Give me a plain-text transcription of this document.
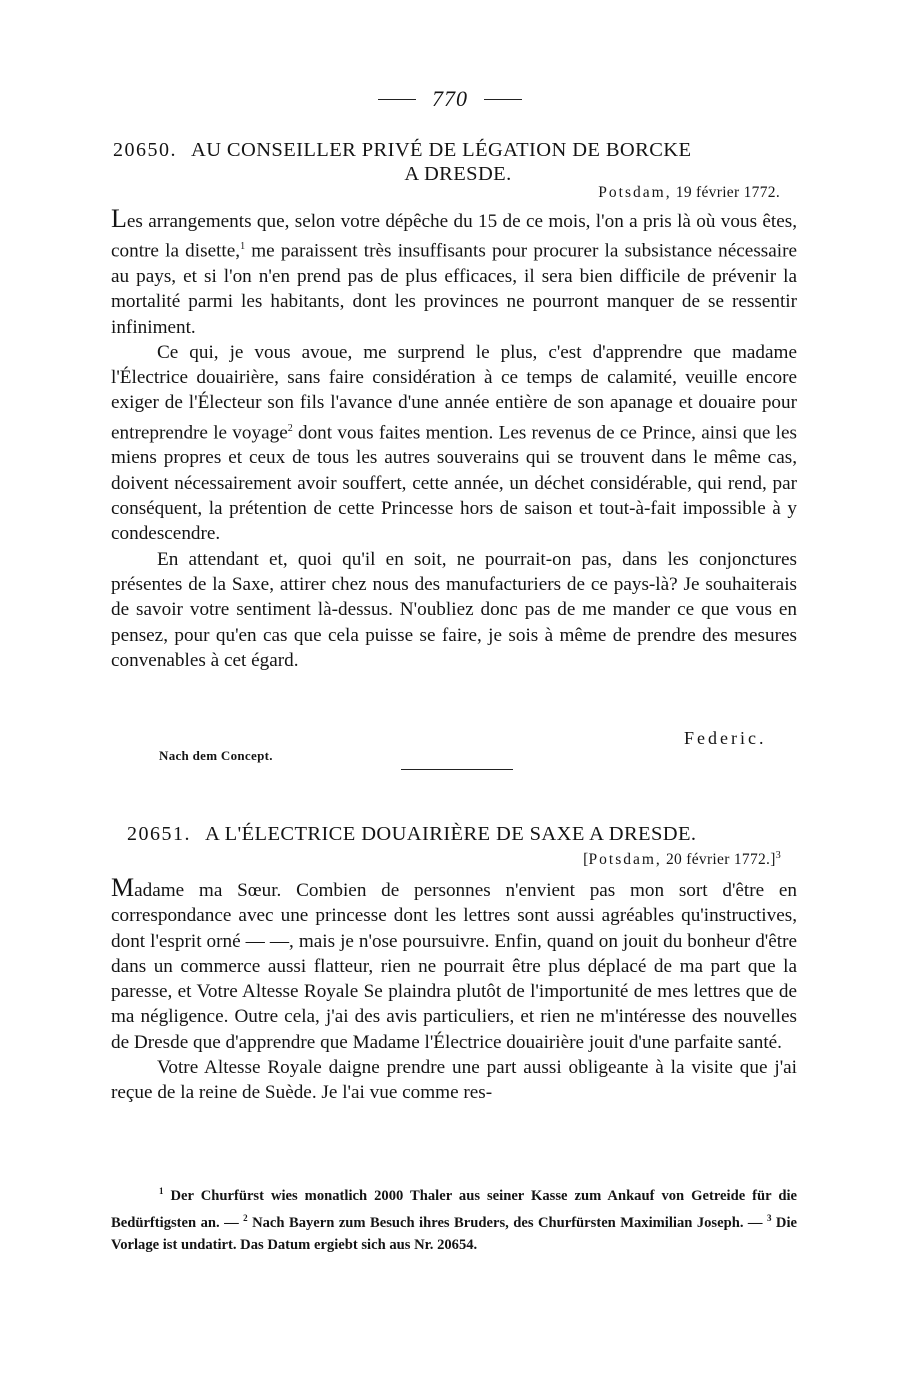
770
20650. AU CONSEILLER PRIVÉ DE LÉGATION DE BORCKE
A DRESDE.
Potsdam, 19 février 1772.

Les arrangements que, selon votre dépêche du 15 de ce mois, l'on a pris là où vous êtes, contre la disette,$^1$ me paraissent très insuffisants pour procurer la subsistance nécessaire au pays, et si l'on n'en prend pas de plus efficaces, il sera bien difficile de prévenir la mortalité parmi les habitants, dont les provinces ne pourront manquer de se ressentir infiniment.

Ce qui, je vous avoue, me surprend le plus, c'est d'apprendre que madame l'Électrice douairière, sans faire considération à ce temps de calamité, veuille encore exiger de l'Électeur son fils l'avance d'une année entière de son apanage et douaire pour entreprendre le voyage$^2$ dont vous faites mention. Les revenus de ce Prince, ainsi que les miens propres et ceux de tous les autres souverains qui se trouvent dans le même cas, doivent nécessairement avoir souffert, cette année, un déchet considérable, qui rend, par conséquent, la prétention de cette Princesse hors de saison et tout-à-fait impossible à y condescendre.

En attendant et, quoi qu'il en soit, ne pourrait-on pas, dans les conjonctures présentes de la Saxe, attirer chez nous des manufacturiers de ce pays-là? Je souhaiterais de savoir votre sentiment là-dessus. N'oubliez donc pas de me mander ce que vous en pensez, pour qu'en cas que cela puisse se faire, je sois à même de prendre des mesures convenables à cet égard.

Federic.
Nach dem Concept.
20651. A L'ÉLECTRICE DOUAIRIÈRE DE SAXE A DRESDE.
[Potsdam, 20 février 1772.]$^3$

Madame ma Sœur. Combien de personnes n'envient pas mon sort d'être en correspondance avec une princesse dont les lettres sont aussi agréables qu'instructives, dont l'esprit orné — —, mais je n'ose poursuivre. Enfin, quand on jouit du bonheur d'être dans un commerce aussi flatteur, rien ne pourrait être plus déplacé de ma part que la paresse, et Votre Altesse Royale Se plaindra plutôt de l'importunité de mes lettres que de ma négligence. Outre cela, j'ai des avis particuliers, et rien ne m'intéresse des nouvelles de Dresde que d'apprendre que Madame l'Électrice douairière jouit d'une parfaite santé.

Votre Altesse Royale daigne prendre une part aussi obligeante à la visite que j'ai reçue de la reine de Suède. Je l'ai vue comme res-

$^1$ Der Churfürst wies monatlich 2000 Thaler aus seiner Kasse zum Ankauf von Getreide für die Bedürftigsten an. — $^2$ Nach Bayern zum Besuch ihres Bruders, des Churfürsten Maximilian Joseph. — $^3$ Die Vorlage ist undatirt. Das Datum ergiebt sich aus Nr. 20654.
